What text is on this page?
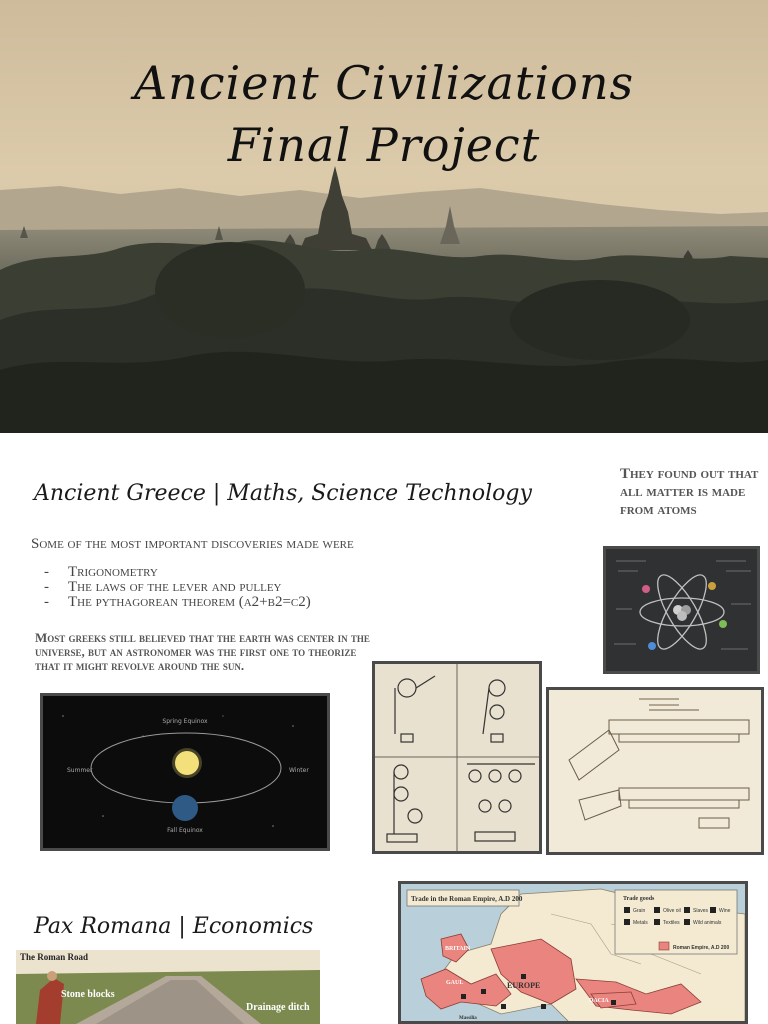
Ancient Civilizations
Final Project
Ancient Greece | Maths, Science Technology
Some of the most important discoveries made were
- Trigonometry
- The laws of the lever and pulley
- The pythagorean theorem (a2+b2=c2)
Most greeks still believed that the earth was center in the universe, but an astronomer was the first one to theorize that it might revolve around the sun.
They found out that all matter is made from atoms
Spring Equinox
Summer	Winter
Fall Equinox
Pax Romana | Economics
The Roman Road
Stone blocks
Drainage ditch
Trade in the Roman Empire, A.D 200	Trade goods
Grain	Olive oil Slaves Wine
Metals	Textiles	Wild animals
Roman Empire, A.D 200
BRITAIN
GAUL	EUROPE
DACIA
Massilia
